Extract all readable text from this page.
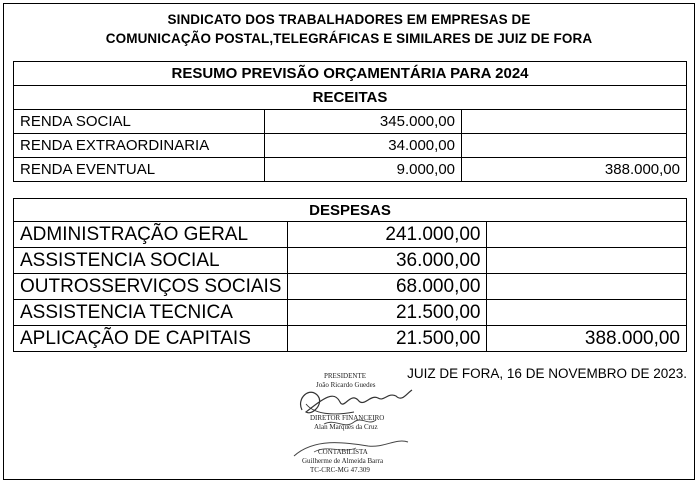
SINDICATO DOS TRABALHADORES EM EMPRESAS DE
COMUNICAÇÃO POSTAL,TELEGRÁFICAS E SIMILARES DE JUIZ DE FORA
RESUMO PREVISÃO ORÇAMENTÁRIA PARA 2024		
RECEITAS		
RENDA SOCIAL	345.000,00	
RENDA EXTRAORDINARIA	34.000,00	
RENDA EVENTUAL	9.000,00	388.000,00
DESPESAS		
ADMINISTRAÇÃO GERAL	241.000,00	
ASSISTENCIA SOCIAL	36.000,00	
OUTROSSERVIÇOS SOCIAIS	68.000,00	
ASSISTENCIA TECNICA	21.500,00	
APLICAÇÃO DE CAPITAIS	21.500,00	388.000,00
JUIZ DE FORA, 16 DE NOVEMBRO DE 2023.
PRESIDENTE
João Ricardo Guedes
DIRETOR FINANCEIRO
Alan Marques da Cruz
CONTABILISTA
Guilherme de Almeida Barra
TC-CRC-MG 47.309
